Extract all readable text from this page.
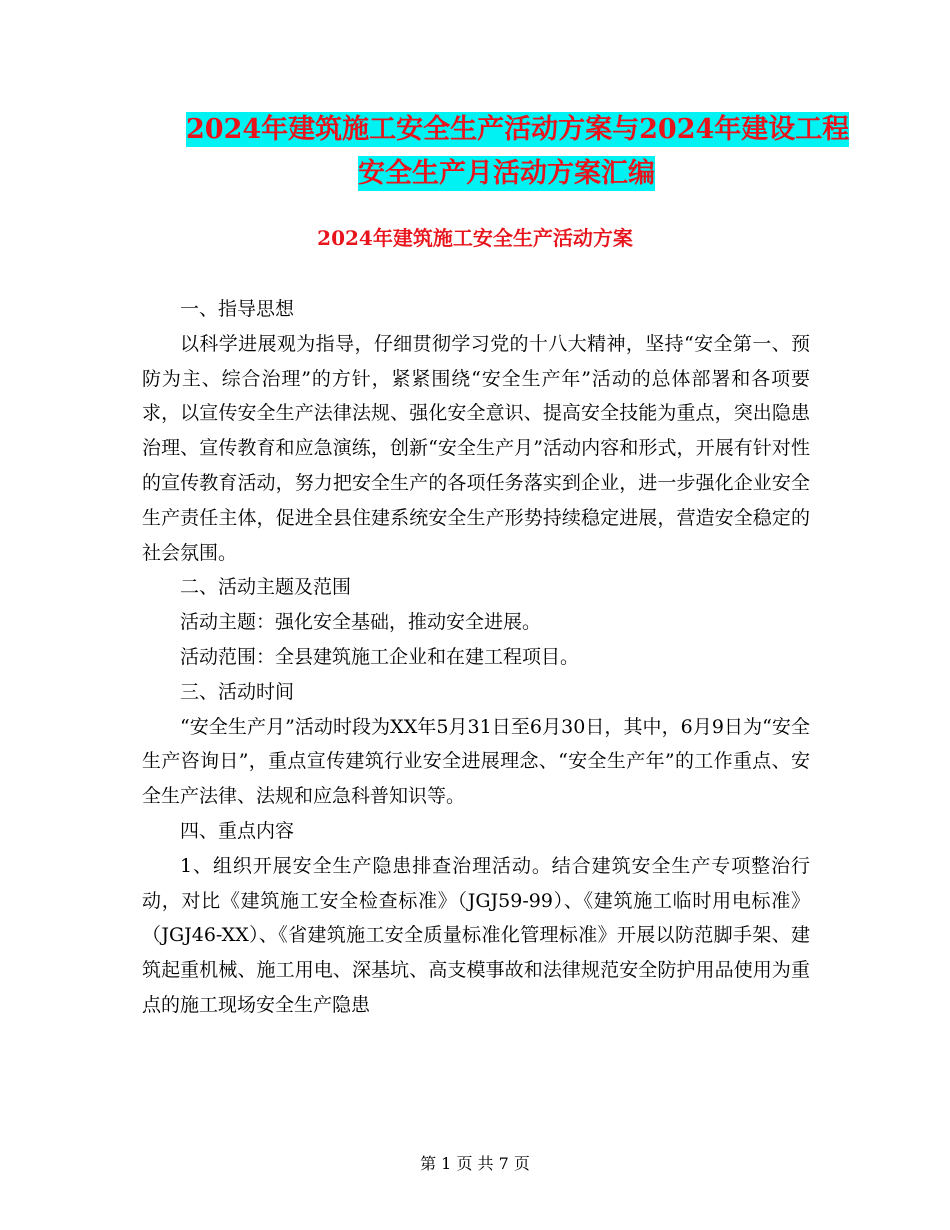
2024年建筑施工安全生产活动方案与2024年建设工程
安全生产月活动方案汇编
2024年建筑施工安全生产活动方案

一、指导思想

以科学进展观为指导，仔细贯彻学习党的十八大精神，坚持“安全第一、预防为主、综合治理”的方针，紧紧围绕“安全生产年”活动的总体部署和各项要求，以宣传安全生产法律法规、强化安全意识、提高安全技能为重点，突出隐患治理、宣传教育和应急演练，创新“安全生产月”活动内容和形式，开展有针对性的宣传教育活动，努力把安全生产的各项任务落实到企业，进一步强化企业安全生产责任主体，促进全县住建系统安全生产形势持续稳定进展，营造安全稳定的社会氛围。

二、活动主题及范围

活动主题：强化安全基础，推动安全进展。

活动范围：全县建筑施工企业和在建工程项目。

三、活动时间

“安全生产月”活动时段为XX年5月31日至6月30日，其中，6月9日为“安全生产咨询日”，重点宣传建筑行业安全进展理念、“安全生产年”的工作重点、安全生产法律、法规和应急科普知识等。

四、重点内容

1、组织开展安全生产隐患排查治理活动。结合建筑安全生产专项整治行动，对比《建筑施工安全检查标准》（JGJ59-99）、《建筑施工临时用电标准》（JGJ46-XX）、《省建筑施工安全质量标准化管理标准》开展以防范脚手架、建筑起重机械、施工用电、深基坑、高支模事故和法律规范安全防护用品使用为重点的施工现场安全生产隐患

第 1 页 共 7 页
